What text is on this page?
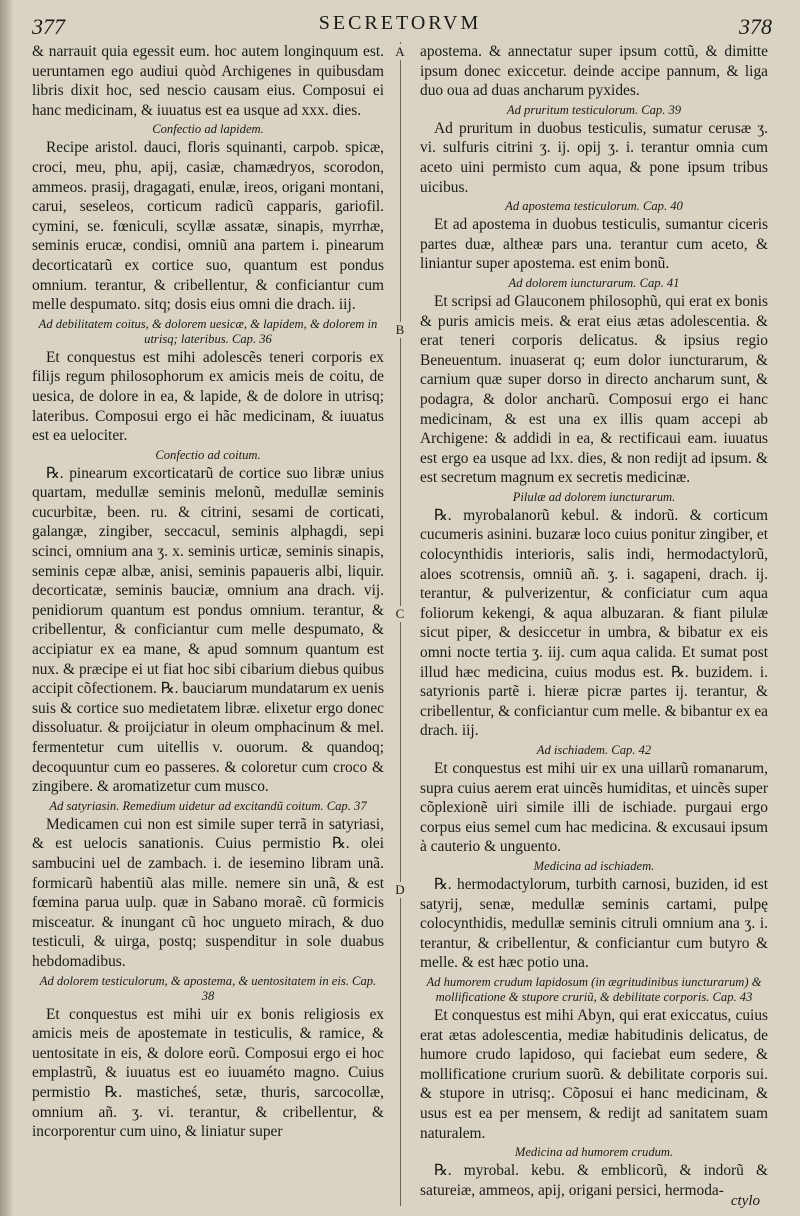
377	SECRETORVM	378
A
B
C
D
& narrauit quia egessit eum. hoc autem longinquum est. ueruntamen ego audiui quòd Archigenes in quibusdam libris dixit hoc, sed nescio causam eius. Composui ei hanc medicinam, & iuuatus est ea usque ad xxx. dies.
Confectio ad lapidem.
Recipe aristol. dauci, floris squinanti, carpob. spicæ, croci, meu, phu, apij, casiæ, chamædryos, scorodon, ammeos. prasij, dragagati, enulæ, ireos, origani montani, carui, seseleos, corticum radicũ capparis, gariofil. cymini, se. fœniculi, scyllæ assatæ, sinapis, myrrhæ, seminis erucæ, condisi, omniũ ana partem i. pinearum decorticatarũ ex cortice suo, quantum est pondus omnium. terantur, & cribellentur, & conficiantur cum melle despumato. sitq; dosis eius omni die drach. iij.
Ad debilitatem coitus, & dolorem uesicæ, & lapidem, & dolorem in utrisq; lateribus. Cap. 36
Et conquestus est mihi adolescẽs teneri corporis ex filijs regum philosophorum ex amicis meis de coitu, de uesica, de dolore in ea, & lapide, & de dolore in utrisq; lateribus. Composui ergo ei hãc medicinam, & iuuatus est ea uelociter.
Confectio ad coitum.
℞. pinearum excorticatarũ de cortice suo libræ unius quartam, medullæ seminis melonũ, medullæ seminis cucurbitæ, been. ru. & citrini, sesami de corticati, galangæ, zingiber, seccacul, seminis alphagdi, sepi scinci, omnium ana ʒ. x. seminis urticæ, seminis sinapis, seminis cepæ albæ, anisi, seminis papaueris albi, liquir. decorticatæ, seminis bauciæ, omnium ana drach. vij. penidiorum quantum est pondus omnium. terantur, & cribellentur, & conficiantur cum melle despumato, & accipiatur ex ea mane, & apud somnum quantum est nux. & præcipe ei ut fiat hoc sibi cibarium diebus quibus accipit cõfectionem. ℞. bauciarum mundatarum ex uenis suis & cortice suo medietatem libræ. elixetur ergo donec dissoluatur. & proijciatur in oleum omphacinum & mel. fermentetur cum uitellis v. ouorum. & quandoq; decoquuntur cum eo passeres. & coloretur cum croco & zingibere. & aromatizetur cum musco.
Ad satyriasin. Remedium uidetur ad excitandũ coitum. Cap. 37
Medicamen cui non est simile super terrã in satyriasi, & est uelocis sanationis. Cuius permistio ℞. olei sambucini uel de zambach. i. de iesemino libram unã. formicarũ habentiũ alas mille. nemere sin unã, & est fœmina parua uulp. quæ in Sabano moraẽ. cũ formicis misceatur. & inungant cũ hoc ungueto mirach, & duo testiculi, & uirga, postq; suspenditur in sole duabus hebdomadibus.
Ad dolorem testiculorum, & apostema, & uentositatem in eis. Cap. 38
Et conquestus est mihi uir ex bonis religiosis ex amicis meis de apostemate in testiculis, & ramice, & uentositate in eis, & dolore eorũ. Composui ergo ei hoc emplastrũ, & iuuatus est eo iuuaméto magno. Cuius permistio ℞. masticheś, setæ, thuris, sarcocollæ, omnium añ. ʒ. vi. terantur, & cribellentur, & incorporentur cum uino, & liniatur super
apostema. & annectatur super ipsum cottũ, & dimitte ipsum donec exiccetur. deinde accipe pannum, & liga duo oua ad duas ancharum pyxides.
Ad pruritum testiculorum. Cap. 39
Ad pruritum in duobus testiculis, sumatur cerusæ ʒ. vi. sulfuris citrini ʒ. ij. opij ʒ. i. terantur omnia cum aceto uini permisto cum aqua, & pone ipsum tribus uicibus.
Ad apostema testiculorum. Cap. 40
Et ad apostema in duobus testiculis, sumantur ciceris partes duæ, altheæ pars una. terantur cum aceto, & liniantur super apostema. est enim bonũ.
Ad dolorem iuncturarum. Cap. 41
Et scripsi ad Glauconem philosophũ, qui erat ex bonis & puris amicis meis. & erat eius ætas adolescentia. & erat teneri corporis delicatus. & ipsius regio Beneuentum. inuaserat q; eum dolor iuncturarum, & carnium quæ super dorso in directo ancharum sunt, & podagra, & dolor ancharũ. Composui ergo ei hanc medicinam, & est una ex illis quam accepi ab Archigene: & addidi in ea, & rectificaui eam. iuuatus est ergo ea usque ad lxx. dies, & non redijt ad ipsum. & est secretum magnum ex secretis medicinæ.
Pilulæ ad dolorem iuncturarum.
℞. myrobalanorũ kebul. & indorũ. & corticum cucumeris asinini. buzaræ loco cuius ponitur zingiber, et colocynthidis interioris, salis indi, hermodactylorũ, aloes scotrensis, omniũ añ. ʒ. i. sagapeni, drach. ij. terantur, & pulverizentur, & conficiatur cum aqua foliorum kekengi, & aqua albuzaran. & fiant pilulæ sicut piper, & desiccetur in umbra, & bibatur ex eis omni nocte tertia ʒ. iij. cum aqua calida. Et sumat post illud hæc medicina, cuius modus est. ℞. buzidem. i. satyrionis partẽ i. hieræ picræ partes ij. terantur, & cribellentur, & conficiantur cum melle. & bibantur ex ea drach. iij.
Ad ischiadem. Cap. 42
Et conquestus est mihi uir ex una uillarũ romanarum, supra cuius aerem erat uincẽs humiditas, et uincẽs super cõplexionẽ uiri simile illi de ischiade. purgaui ergo corpus eius semel cum hac medicina. & excusaui ipsum à cauterio & unguento.
Medicina ad ischiadem.
℞. hermodactylorum, turbith carnosi, buziden, id est satyrij, senæ, medullæ seminis cartami, pulpę colocynthidis, medullæ seminis citruli omnium ana ʒ. i. terantur, & cribellentur, & conficiantur cum butyro & melle. & est hæc potio una.
Ad humorem crudum lapidosum (in ægritudinibus iuncturarum) & mollificatione & stupore cruriũ, & debilitate corporis. Cap. 43
Et conquestus est mihi Abyn, qui erat exiccatus, cuius erat ætas adolescentia, mediæ habitudinis delicatus, de humore crudo lapidoso, qui faciebat eum sedere, & mollificatione crurium suorũ. & debilitate corporis sui. & stupore in utrisq;. Cõposui ei hanc medicinam, & usus est ea per mensem, & redijt ad sanitatem suam naturalem.
Medicina ad humorem crudum.
℞. myrobal. kebu. & emblicorũ, & indorũ & satureiæ, ammeos, apij, origani persici, hermoda-
ctylo
